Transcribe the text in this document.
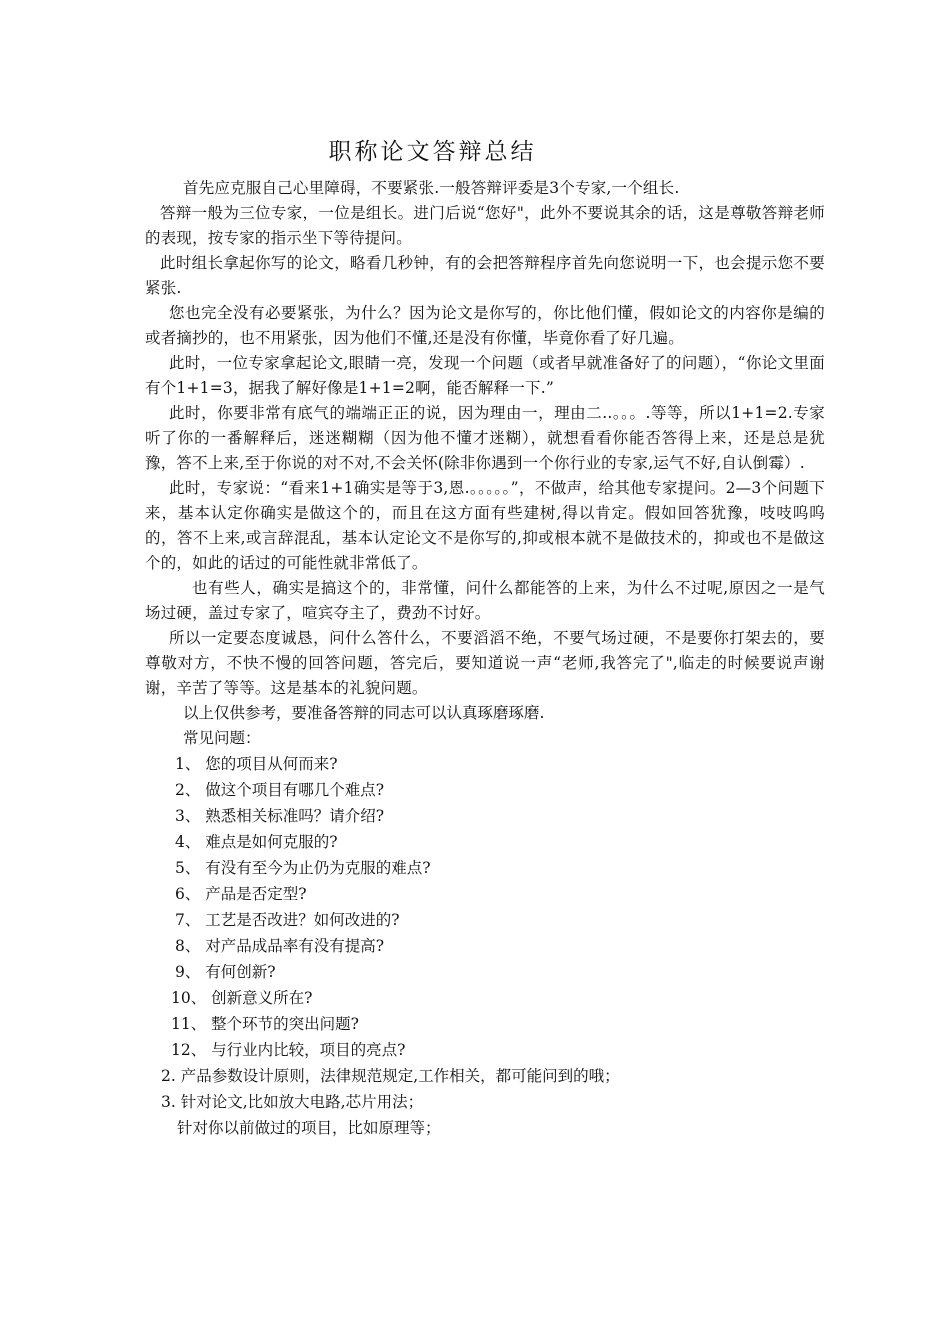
职称论文答辩总结

首先应克服自己心里障碍，不要紧张.一般答辩评委是3个专家,一个组长.

答辩一般为三位专家，一位是组长。进门后说“您好"，此外不要说其余的话，这是尊敬答辩老师的表现，按专家的指示坐下等待提问。

此时组长拿起你写的论文，略看几秒钟，有的会把答辩程序首先向您说明一下，也会提示您不要紧张.

您也完全没有必要紧张，为什么？因为论文是你写的，你比他们懂，假如论文的内容你是编的或者摘抄的，也不用紧张，因为他们不懂,还是没有你懂，毕竟你看了好几遍。

此时，一位专家拿起论文,眼睛一亮，发现一个问题（或者早就准备好了的问题），“你论文里面有个1+1=3，据我了解好像是1+1=2啊，能否解释一下.”

此时，你要非常有底气的端端正正的说，因为理由一，理由二..。。。.等等，所以1+1=2.专家听了你的一番解释后，迷迷糊糊（因为他不懂才迷糊），就想看看你能否答得上来，还是总是犹豫，答不上来,至于你说的对不对,不会关怀(除非你遇到一个你行业的专家,运气不好,自认倒霉）.

此时，专家说：“看来1+1确实是等于3,恩.。。。。。”，不做声，给其他专家提问。2—3个问题下来，基本认定你确实是做这个的，而且在这方面有些建树,得以肯定。假如回答犹豫，吱吱呜呜的，答不上来,或言辞混乱，基本认定论文不是你写的,抑或根本就不是做技术的，抑或也不是做这个的，如此的话过的可能性就非常低了。

也有些人，确实是搞这个的，非常懂，问什么都能答的上来，为什么不过呢,原因之一是气场过硬，盖过专家了，喧宾夺主了，费劲不讨好。

所以一定要态度诚恳，问什么答什么，不要滔滔不绝，不要气场过硬，不是要你打架去的，要尊敬对方，不快不慢的回答问题，答完后，要知道说一声“老师,我答完了",临走的时候要说声谢谢，辛苦了等等。这是基本的礼貌问题。

以上仅供参考，要准备答辩的同志可以认真琢磨琢磨.

常见问题：

1、 您的项目从何而来?

2、 做这个项目有哪几个难点?

3、 熟悉相关标准吗？请介绍?

4、 难点是如何克服的?

5、 有没有至今为止仍为克服的难点?

6、 产品是否定型?

7、 工艺是否改进？如何改进的?

8、 对产品成品率有没有提高?

9、 有何创新?

10、 创新意义所在?

11、 整个环节的突出问题?

12、 与行业内比较，项目的亮点?

2. 产品参数设计原则，法律规范规定,工作相关，都可能问到的哦；

3. 针对论文,比如放大电路,芯片用法；

针对你以前做过的项目，比如原理等；
